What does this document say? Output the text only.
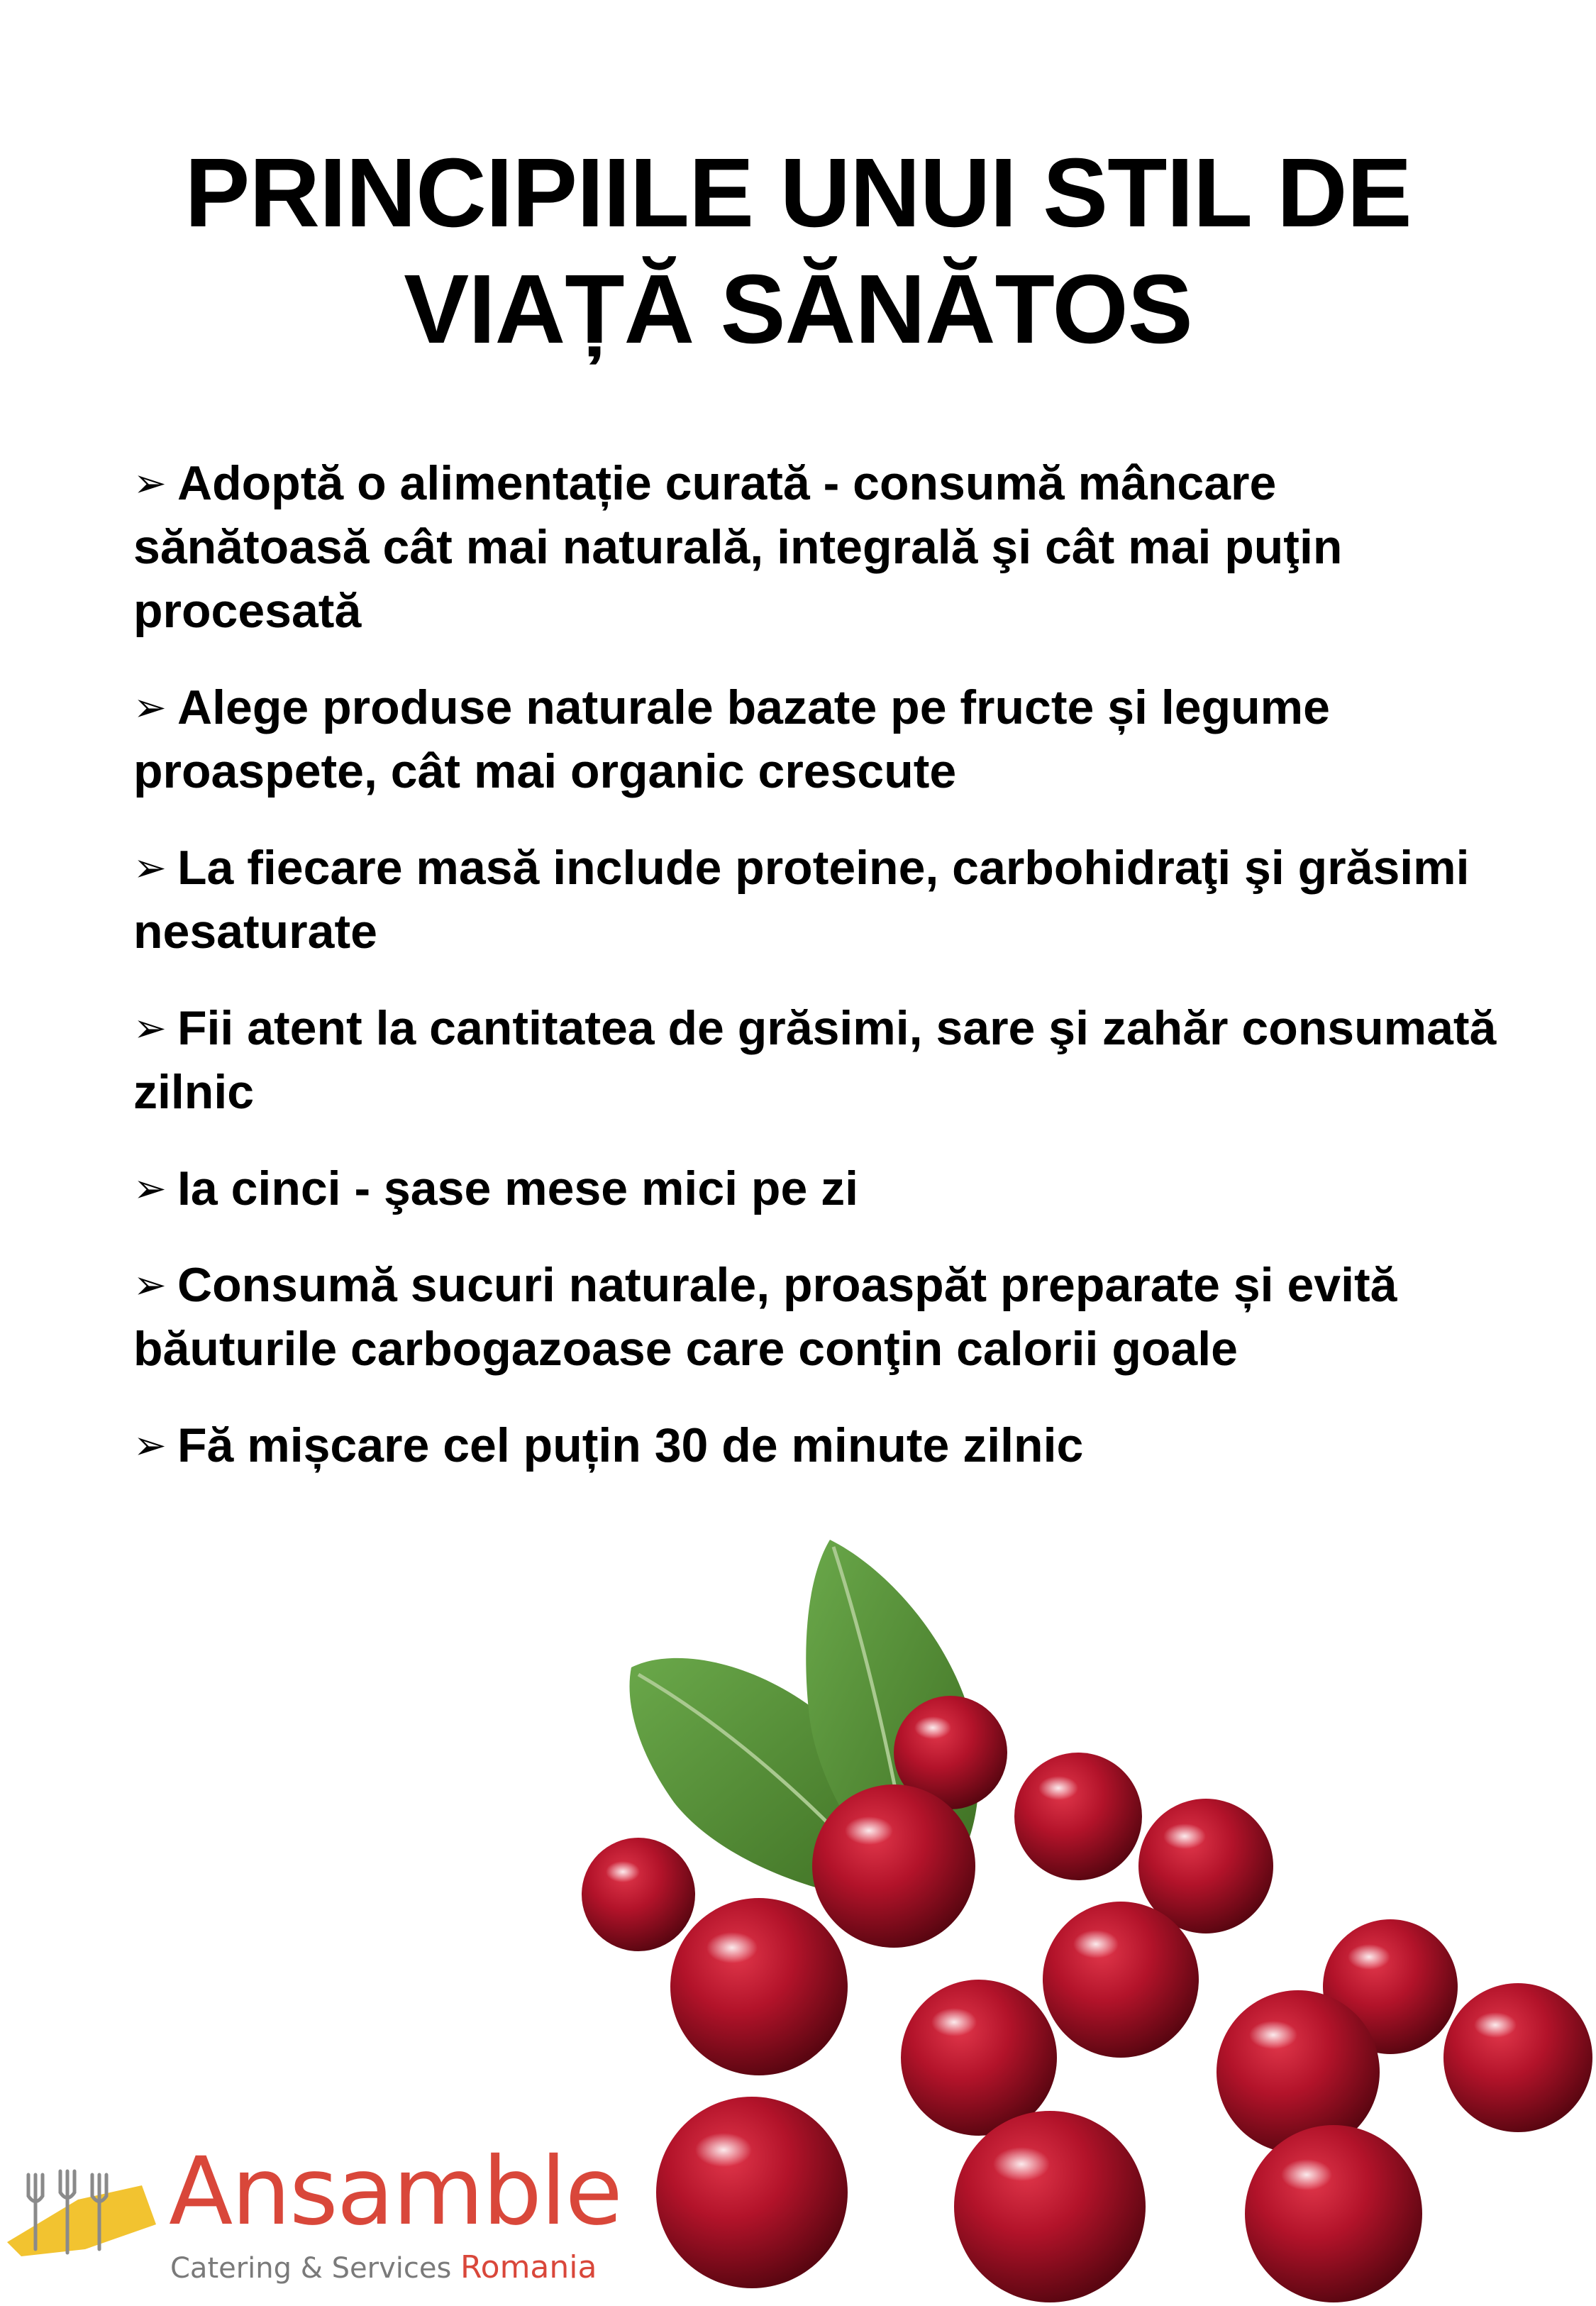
PRINCIPIILE UNUI STIL DE
VIAȚĂ SĂNĂTOS
➢ Adoptă o alimentație curată - consumă mâncare sănătoasă cât mai naturală, integrală şi cât mai puţin procesată
➢ Alege produse naturale bazate pe fructe și legume proaspete, cât mai organic crescute
➢ La fiecare masă include proteine, carbohidraţi şi grăsimi nesaturate
➢ Fii atent la cantitatea de grăsimi, sare şi zahăr consumată zilnic
➢ Ia cinci - şase mese mici pe zi
➢ Consumă sucuri naturale, proaspăt preparate și evită băuturile carbogazoase care conţin calorii goale
➢ Fă mișcare cel puțin 30 de minute zilnic
Ansamble
Catering & Services Romania
